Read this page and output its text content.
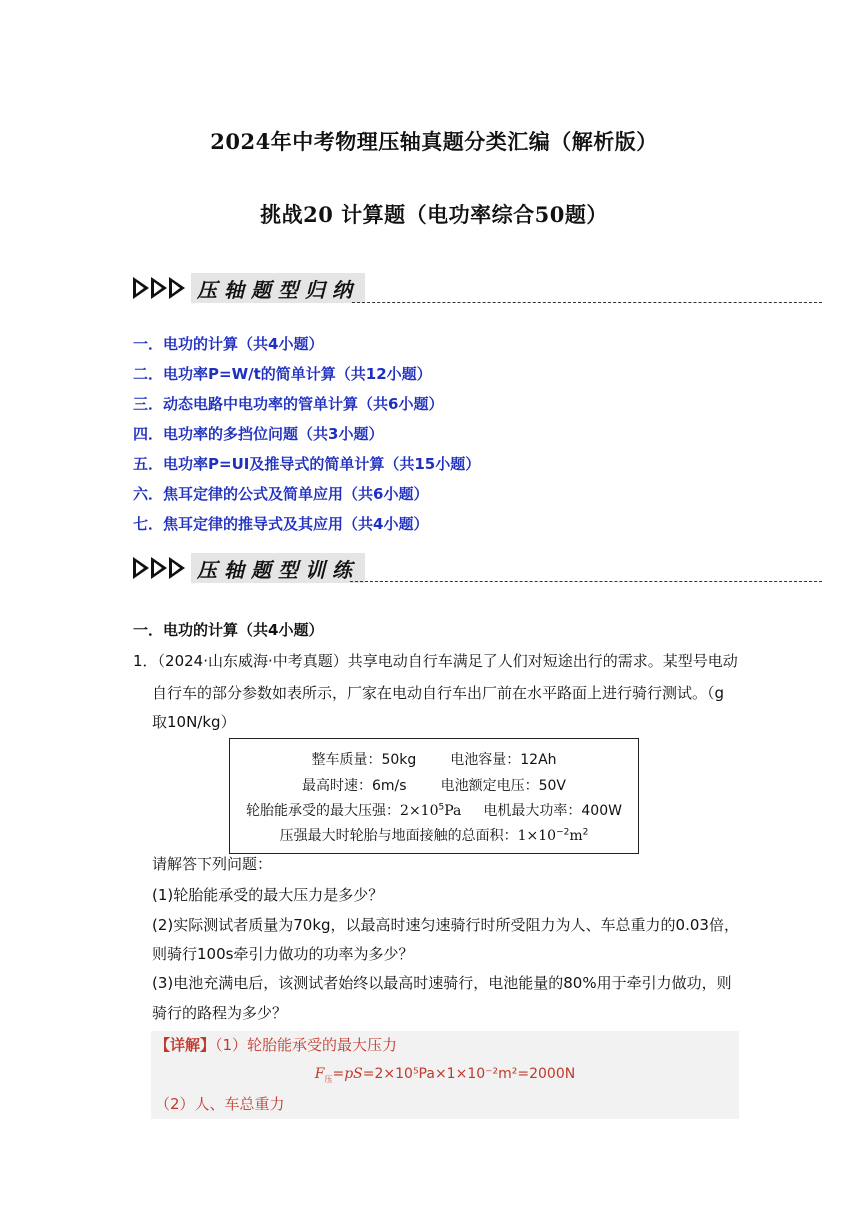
2024年中考物理压轴真题分类汇编（解析版）
挑战20 计算题（电功率综合50题）
压轴题型归纳
一．电功的计算（共4小题）
二．电功率P=W/t的简单计算（共12小题）
三．动态电路中电功率的管单计算（共6小题）
四．电功率的多挡位问题（共3小题）
五．电功率P=UI及推导式的简单计算（共15小题）
六．焦耳定律的公式及简单应用（共6小题）
七．焦耳定律的推导式及其应用（共4小题）
压轴题型训练
一．电功的计算（共4小题）
1．（2024·山东威海·中考真题）共享电动自行车满足了人们对短途出行的需求。某型号电动
自行车的部分参数如表所示，厂家在电动自行车出厂前在水平路面上进行骑行测试。（g
取10N/kg）
整车质量：50kg 电池容量：12Ah
最高时速：6m/s 电池额定电压：50V
轮胎能承受的最大压强：$2\times 10^5Pa$ 电机最大功率：400W
压强最大时轮胎与地面接触的总面积：$1\times 10^{-2}m^2$
请解答下列问题：
(1)轮胎能承受的最大压力是多少？
(2)实际测试者质量为70kg，以最高时速匀速骑行时所受阻力为人、车总重力的0.03倍，
则骑行100s牵引力做功的功率为多少？
(3)电池充满电后，该测试者始终以最高时速骑行，电池能量的80%用于牵引力做功，则
骑行的路程为多少？
【详解】（1）轮胎能承受的最大压力
$F_压=pS=2\times 10^5Pa\times 1\times 10^{-2}m^2=2000N$
（2）人、车总重力
